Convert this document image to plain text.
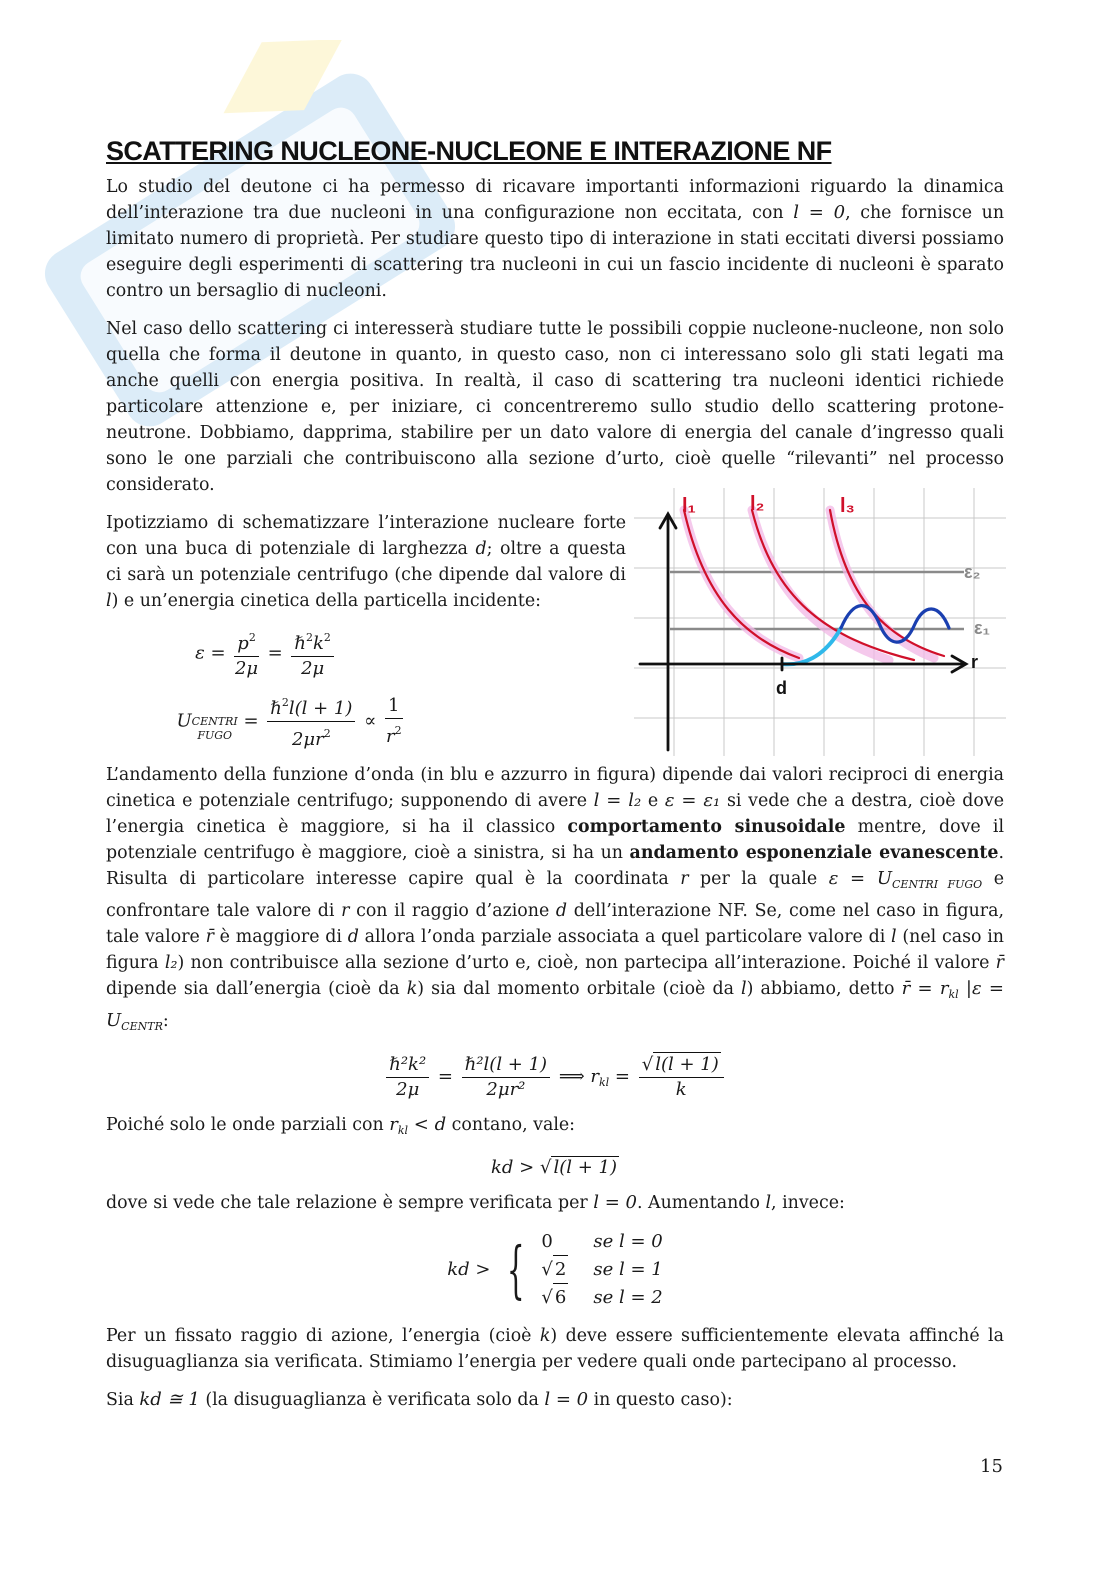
SCATTERING NUCLEONE-NUCLEONE E INTERAZIONE NF

Lo studio del deutone ci ha permesso di ricavare importanti informazioni riguardo la dinamica dell’interazione tra due nucleoni in una configurazione non eccitata, con l = 0, che fornisce un limitato numero di proprietà. Per studiare questo tipo di interazione in stati eccitati diversi possiamo eseguire degli esperimenti di scattering tra nucleoni in cui un fascio incidente di nucleoni è sparato contro un bersaglio di nucleoni.

Nel caso dello scattering ci interesserà studiare tutte le possibili coppie nucleone-nucleone, non solo quella che forma il deutone in quanto, in questo caso, non ci interessano solo gli stati legati ma anche quelli con energia positiva. In realtà, il caso di scattering tra nucleoni identici richiede particolare attenzione e, per iniziare, ci concentreremo sullo studio dello scattering protone-neutrone. Dobbiamo, dapprima, stabilire per un dato valore di energia del canale d’ingresso quali sono le one parziali che contribuiscono alla sezione d’urto, cioè quelle “rilevanti” nel processo considerato.

Ipotizziamo di schematizzare l’interazione nucleare forte con una buca di potenziale di larghezza d; oltre a questa ci sarà un potenziale centrifugo (che dipende dal valore di l) e un’energia cinetica della particella incidente:

$\varepsilon = \frac{p^2}{2\mu} = \frac{\hbar^2k^2}{2\mu}$
U CENTRI
FUGO
= $\frac{\hbar^2l(l + 1)}{2\mu r^2} \propto \frac{1}{r^2}$

L’andamento della funzione d’onda (in blu e azzurro in figura) dipende dai valori reciproci di energia cinetica e potenziale centrifugo; supponendo di avere l = l₂ e ε = ε₁ si vede che a destra, cioè dove l’energia cinetica è maggiore, si ha il classico comportamento sinusoidale mentre, dove il potenziale centrifugo è maggiore, cioè a sinistra, si ha un andamento esponenziale evanescente. Risulta di particolare interesse capire qual è la coordinata r per la quale $\varepsilon = U_{CENTRI FUGO}$ e confrontare tale valore di r con il raggio d’azione d dell’interazione NF. Se, come nel caso in figura, tale valore r̄ è maggiore di d allora l’onda parziale associata a quel particolare valore di l (nel caso in figura l₂) non contribuisce alla sezione d’urto e, cioè, non partecipa all’interazione. Poiché il valore r̄ dipende sia dall’energia (cioè da k) sia dal momento orbitale (cioè da l) abbiamo, detto r̄ = $r_{kl}$ $|\varepsilon = U_{CENTR}$:

$\frac{\text{ℏ²k²}}{2\mu} = \frac{\text{ℏ²l(l + 1)}}{\text{2μr²}}$ ⟹ $r_{kl} = \frac{√ l(l + 1)}{k}$

Poiché solo le onde parziali con $r_{kl} < d$ contano, vale:

kd > √ l(l + 1)

dove si vede che tale relazione è sempre verificata per l = 0. Aumentando l, invece:

kd > { 0 se l = 0
√ 2 se l = 1
√ 6 se l = 2

Per un fissato raggio di azione, l’energia (cioè k) deve essere sufficientemente elevata affinché la disuguaglianza sia verificata. Stimiamo l’energia per vedere quali onde partecipano al processo.

Sia kd ≅ 1 (la disuguaglianza è verificata solo da l = 0 in questo caso):

l₁	l₂	l₃
ε₂
ε₁
r
d
15
